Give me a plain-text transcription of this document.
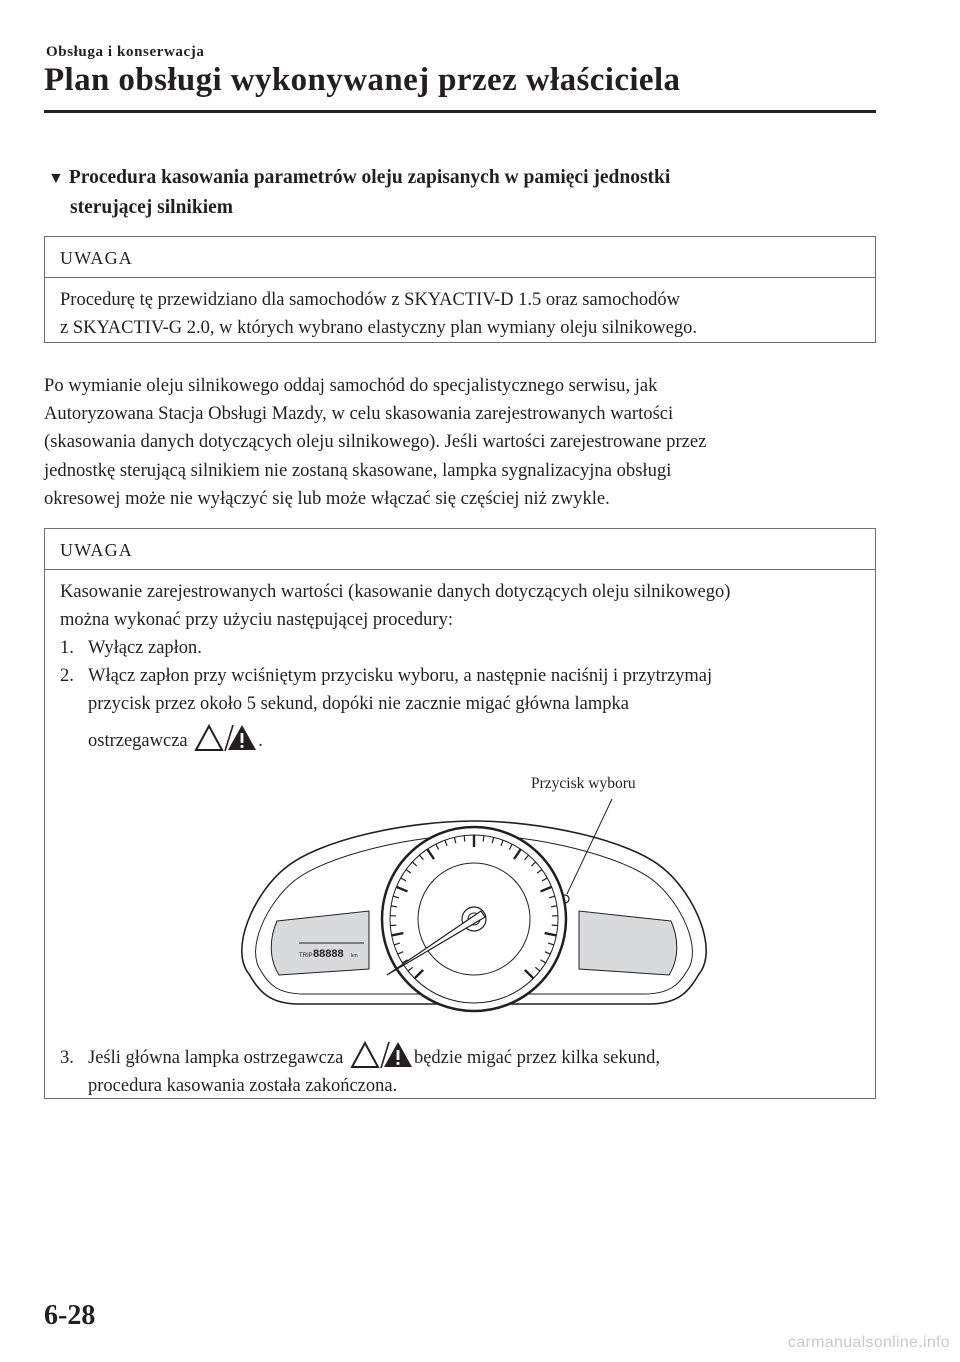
Obsługa i konserwacja
Plan obsługi wykonywanej przez właściciela
▼ Procedura kasowania parametrów oleju zapisanych w pamięci jednostki
sterującej silnikiem
UWAGA
Procedurę tę przewidziano dla samochodów z SKYACTIV-D 1.5 oraz samochodów
z SKYACTIV-G 2.0, w których wybrano elastyczny plan wymiany oleju silnikowego.
Po wymianie oleju silnikowego oddaj samochód do specjalistycznego serwisu, jak
Autoryzowana Stacja Obsługi Mazdy, w celu skasowania zarejestrowanych wartości
(skasowania danych dotyczących oleju silnikowego). Jeśli wartości zarejestrowane przez
jednostkę sterującą silnikiem nie zostaną skasowane, lampka sygnalizacyjna obsługi
okresowej może nie wyłączyć się lub może włączać się częściej niż zwykle.
UWAGA
Kasowanie zarejestrowanych wartości (kasowanie danych dotyczących oleju silnikowego)
można wykonać przy użyciu następującej procedury:
1. Wyłącz zapłon.
2. Włącz zapłon przy wciśniętym przycisku wyboru, a następnie naciśnij i przytrzymaj
przycisk przez około 5 sekund, dopóki nie zacznie migać główna lampka
ostrzegawcza	.
Przycisk wyboru
TRIP 88888 km
3. Jeśli główna lampka ostrzegawcza	będzie migać przez kilka sekund,
procedura kasowania została zakończona.
6-28
carmanualsonline.info
